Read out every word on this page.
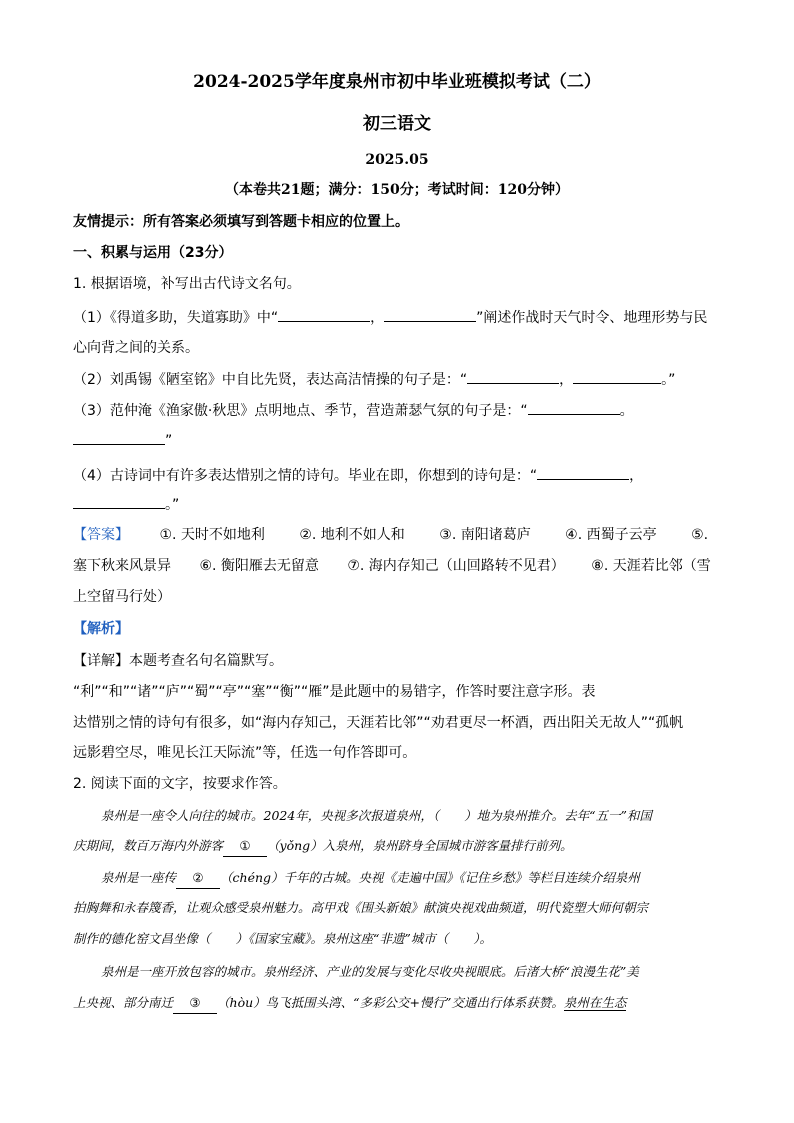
2024-2025学年度泉州市初中毕业班模拟考试（二）
初三语文
2025.05
（本卷共21题；满分：150分；考试时间：120分钟）
友情提示：所有答案必须填写到答题卡相应的位置上。
一、积累与运用（23分）
1. 根据语境，补写出古代诗文名句。
（1）《得道多助，失道寡助》中“	，	”阐述作战时天气时令、地理形势与民
心向背之间的关系。
（2）刘禹锡《陋室铭》中自比先贤，表达高洁情操的句子是：“	，	。”
（3）范仲淹《渔家傲·秋思》点明地点、季节，营造萧瑟气氛的句子是：“	。
”
（4）古诗词中有许多表达惜别之情的诗句。毕业在即，你想到的诗句是：“	，
。”
【答案】 ①. 天时不如地利 ②. 地利不如人和 ③. 南阳诸葛庐 ④. 西蜀子云亭 ⑤.
塞下秋来风景异 ⑥. 衡阳雁去无留意 ⑦. 海内存知己（山回路转不见君） ⑧. 天涯若比邻（雪
上空留马行处）
【解析】
【详解】本题考查名句名篇默写。
“利”“和”“诸”“庐”“蜀”“亭”“塞”“衡”“雁”是此题中的易错字，作答时要注意字形。表
达惜别之情的诗句有很多，如“海内存知己，天涯若比邻”“劝君更尽一杯酒，西出阳关无故人”“孤帆
远影碧空尽，唯见长江天际流”等，任选一句作答即可。
2. 阅读下面的文字，按要求作答。
泉州是一座令人向往的城市。2024年，央视多次报道泉州，（　　）地为泉州推介。去年“五一”和国
庆期间，数百万海内外游客 ① （yǒng）入泉州，泉州跻身全国城市游客量排行前列。
泉州是一座传 ② （chéng）千年的古城。央视《走遍中国》《记住乡愁》等栏目连续介绍泉州
拍胸舞和永春篾香，让观众感受泉州魅力。高甲戏《围头新娘》献演央视戏曲频道，明代瓷塑大师何朝宗
制作的德化窑文昌坐像（　　）《国家宝藏》。泉州这座“非遗”城市（　　）。
泉州是一座开放包容的城市。泉州经济、产业的发展与变化尽收央视眼底。后渚大桥“浪漫生花”美
上央视、部分南迁 ③ （hòu）鸟飞抵围头湾、“多彩公交+慢行”交通出行体系获赞。泉州在生态
